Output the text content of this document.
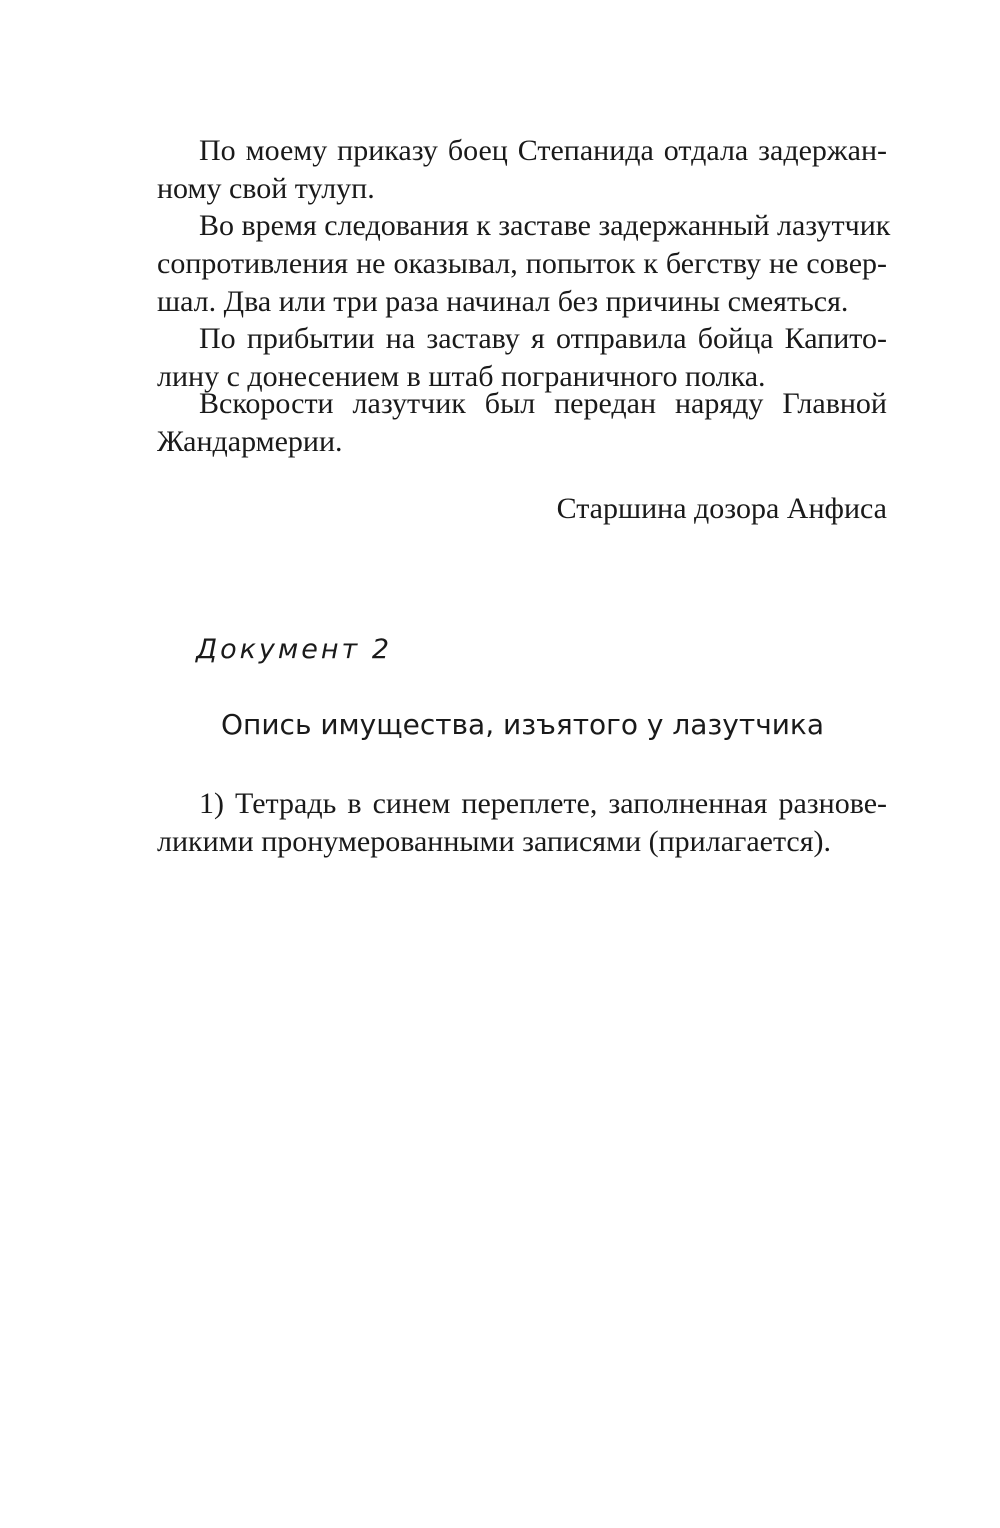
По моему приказу боец Степанида отдала задержан-
ному свой тулуп.

Во время следования к заставе задержанный лазутчик
сопротивления не оказывал, попыток к бегству не совер-
шал. Два или три раза начинал без причины смеяться.

По прибытии на заставу я отправила бойца Капито-
лину с донесением в штаб пограничного полка.

Вскорости лазутчик был передан наряду Главной
Жандармерии.

Старшина дозора Анфиса
Документ 2
Опись имущества, изъятого у лазутчика

1) Тетрадь в синем переплете, заполненная разнове-
ликими пронумерованными записями (прилагается).
